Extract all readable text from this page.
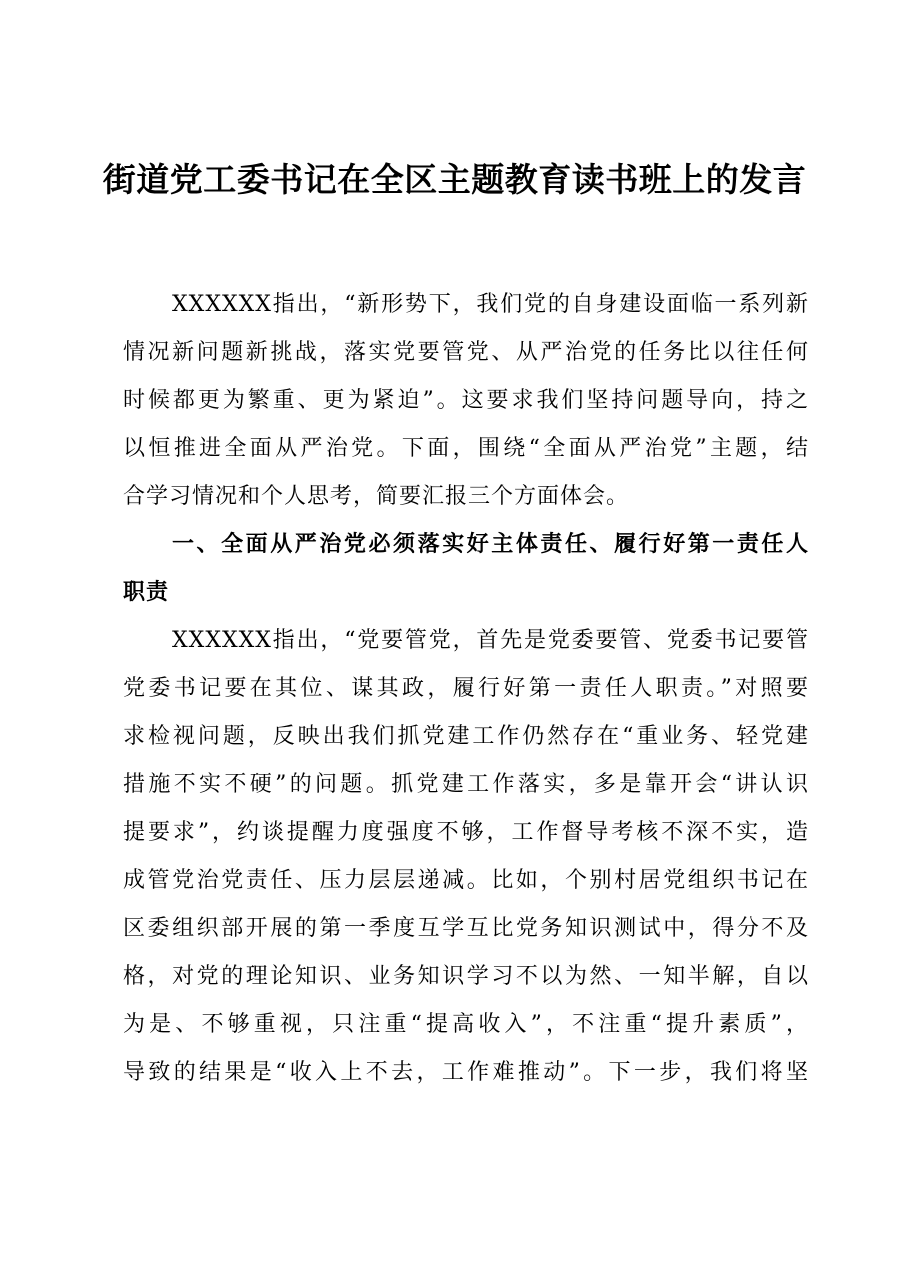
街道党工委书记在全区主题教育读书班上的发言
XXXXXX指出，“新形势下，我们党的自身建设面临一系列新
情况新问题新挑战，落实党要管党、从严治党的任务比以往任何
时候都更为繁重、更为紧迫”。这要求我们坚持问题导向，持之
以恒推进全面从严治党。下面，围绕“全面从严治党”主题，结
合学习情况和个人思考，简要汇报三个方面体会。
一、全面从严治党必须落实好主体责任、履行好第一责任人
职责
XXXXXX指出，“党要管党，首先是党委要管、党委书记要管
党委书记要在其位、谋其政，履行好第一责任人职责。”对照要
求检视问题，反映出我们抓党建工作仍然存在“重业务、轻党建
措施不实不硬”的问题。抓党建工作落实，多是靠开会“讲认识
提要求”，约谈提醒力度强度不够，工作督导考核不深不实，造
成管党治党责任、压力层层递减。比如，个别村居党组织书记在
区委组织部开展的第一季度互学互比党务知识测试中，得分不及
格，对党的理论知识、业务知识学习不以为然、一知半解，自以
为是、不够重视，只注重“提高收入”，不注重“提升素质”，
导致的结果是“收入上不去，工作难推动”。下一步，我们将坚
